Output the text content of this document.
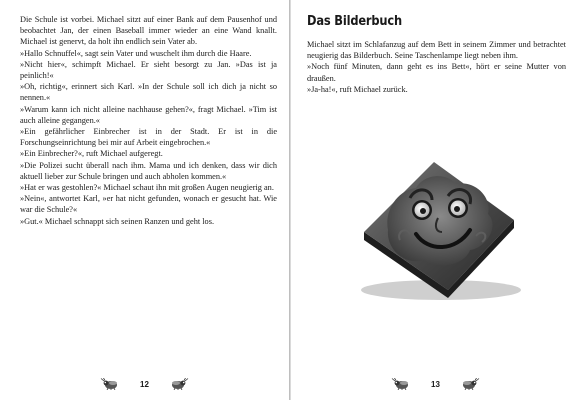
Die Schule ist vorbei. Michael sitzt auf einer Bank auf dem Pausenhof und beobachtet Jan, der einen Baseball immer wieder an eine Wand knallt. Michael ist genervt, da holt ihn endlich sein Vater ab.

»Hallo Schnuffel«, sagt sein Vater und wuschelt ihm durch die Haare.

»Nicht hier«, schimpft Michael. Er sieht besorgt zu Jan. »Das ist ja peinlich!«

»Oh, richtig«, erinnert sich Karl. »In der Schule soll ich dich ja nicht so nennen.«

»Warum kann ich nicht alleine nachhause gehen?«, fragt Michael. »Tim ist auch alleine gegangen.«

»Ein gefährlicher Einbrecher ist in der Stadt. Er ist in die Forschungseinrichtung bei mir auf Arbeit eingebrochen.«

»Ein Einbrecher?«, ruft Michael aufgeregt.

»Die Polizei sucht überall nach ihm. Mama und ich denken, dass wir dich aktuell lieber zur Schule bringen und auch abholen kommen.«

»Hat er was gestohlen?« Michael schaut ihn mit großen Augen neugierig an.

»Nein«, antwortet Karl, »er hat nicht gefunden, wonach er gesucht hat. Wie war die Schule?«

»Gut.« Michael schnappt sich seinen Ranzen und geht los.

12
Das Bilderbuch

Michael sitzt im Schlafanzug auf dem Bett in seinem Zimmer und betrachtet neugierig das Bilderbuch. Seine Taschenlampe liegt neben ihm.

»Noch fünf Minuten, dann geht es ins Bett«, hört er seine Mutter von draußen.

»Ja-ha!«, ruft Michael zurück.

13
